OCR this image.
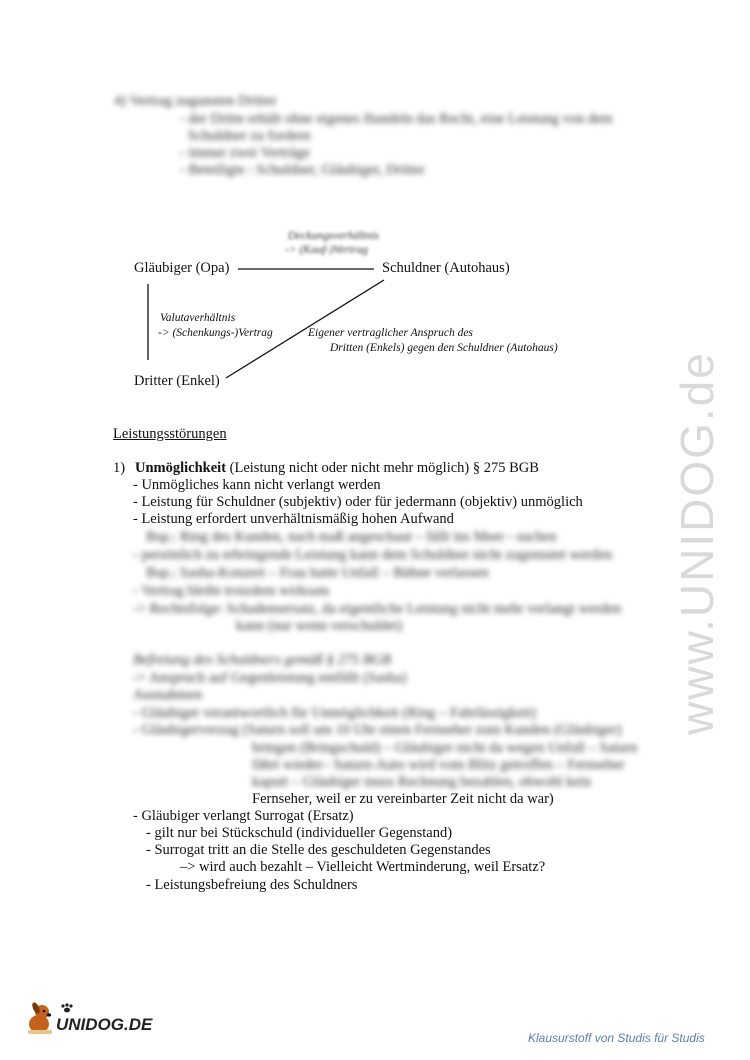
4) Vertrag zugunsten Dritter
- der Dritte erhält ohne eigenes Handeln das Recht, eine Leistung von dem
Schuldner zu fordern
- immer zwei Verträge
- Beteiligte : Schuldner, Gläubiger, Dritter
Deckungsverhältnis
-> (Kauf-)Vertrag
Gläubiger (Opa)	Schuldner (Autohaus)
Valutaverhältnis
-> (Schenkungs-)Vertrag	Eigener vertraglicher Anspruch des
Dritten (Enkels) gegen den Schuldner (Autohaus)
Dritter (Enkel)
Leistungsstörungen
1) Unmöglichkeit (Leistung nicht oder nicht mehr möglich) § 275 BGB
- Unmögliches kann nicht verlangt werden
- Leistung für Schuldner (subjektiv) oder für jedermann (objektiv) unmöglich
- Leistung erfordert unverhältnismäßig hohen Aufwand
Bsp.: Ring des Kunden, nach maß angeschaut – fällt ins Meer - suchen
- persönlich zu erbringende Leistung kann dem Schuldner nicht zugemutet werden
Bsp.: Sasha-Konzert – Frau hatte Unfall – Bühne verlassen
- Vertrag bleibt trotzdem wirksam
-> Rechtsfolge: Schadensersatz, da eigentliche Leistung nicht mehr verlangt werden
kann (nur wenn verschuldet)
Befreiung des Schuldners gemäß § 275 BGB
-> Anspruch auf Gegenleistung entfällt (Sasha)
Ausnahmen
- Gläubiger verantwortlich für Unmöglichkeit (Ring – Fahrlässigkeit)
- Gläubigerverzug (Saturn soll um 10 Uhr einen Fernseher zum Kunden (Gläubiger)
bringen (Bringschuld) – Gläubiger nicht da wegen Unfall – Saturn
fährt wieder– Saturn-Auto wird vom Blitz getroffen – Fernseher
kaputt – Gläubiger muss Rechnung bezahlen, obwohl kein
Fernseher, weil er zu vereinbarter Zeit nicht da war)
- Gläubiger verlangt Surrogat (Ersatz)
- gilt nur bei Stückschuld (individueller Gegenstand)
- Surrogat tritt an die Stelle des geschuldeten Gegenstandes
–> wird auch bezahlt – Vielleicht Wertminderung, weil Ersatz?
- Leistungsbefreiung des Schuldners
www.UNIDOG.de
UNIDOG.DE
Klausurstoff von Studis für Studis
